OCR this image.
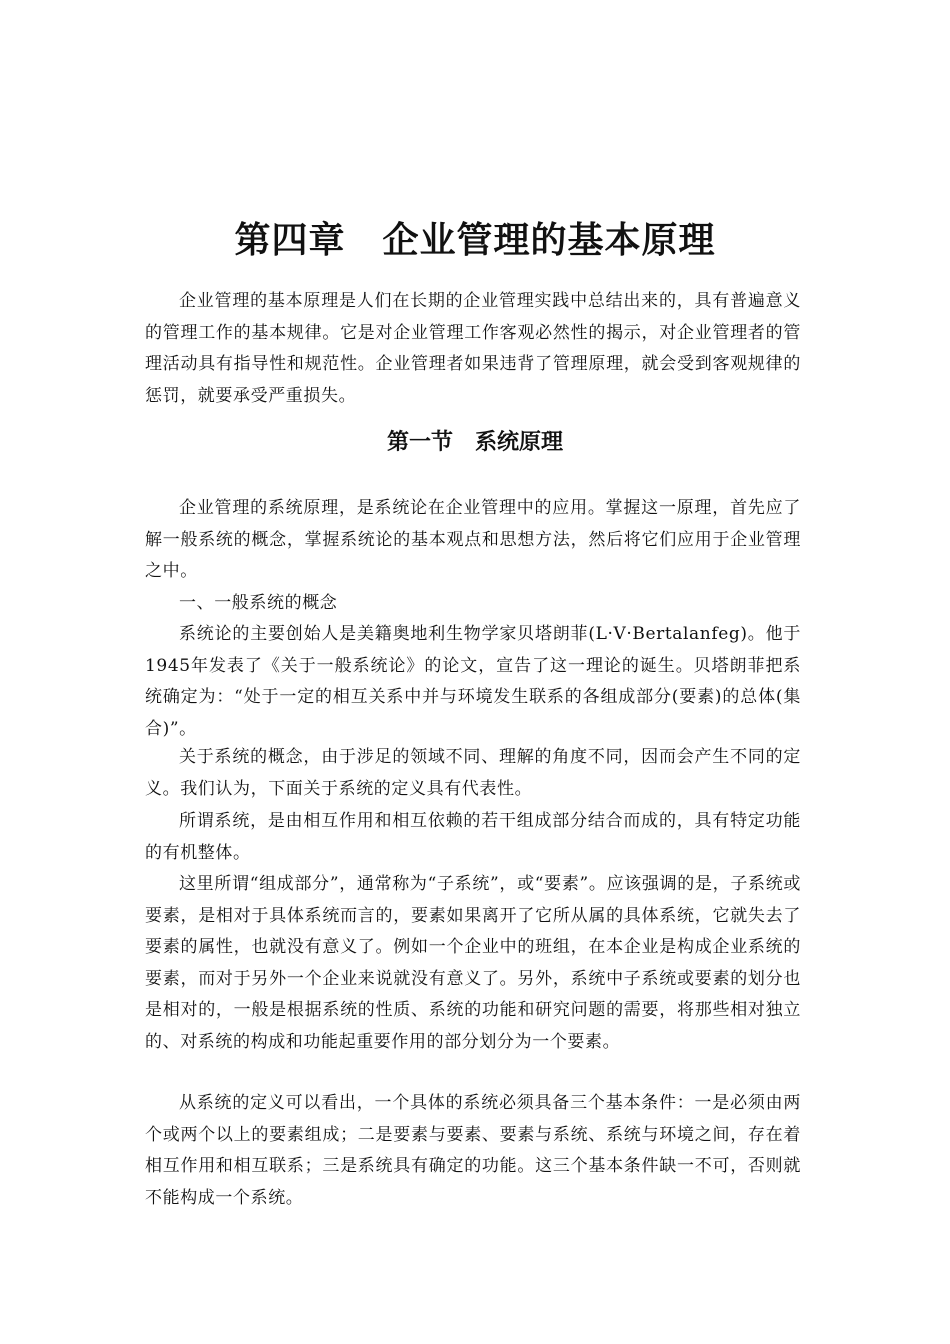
第四章　企业管理的基本原理

企业管理的基本原理是人们在长期的企业管理实践中总结出来的，具有普遍意义的管理工作的基本规律。它是对企业管理工作客观必然性的揭示，对企业管理者的管理活动具有指导性和规范性。企业管理者如果违背了管理原理，就会受到客观规律的惩罚，就要承受严重损失。

第一节　系统原理

企业管理的系统原理，是系统论在企业管理中的应用。掌握这一原理，首先应了解一般系统的概念，掌握系统论的基本观点和思想方法，然后将它们应用于企业管理之中。

一、一般系统的概念

系统论的主要创始人是美籍奥地利生物学家贝塔朗菲(L·V·Bertalanfeg)。他于1945年发表了《关于一般系统论》的论文，宣告了这一理论的诞生。贝塔朗菲把系统确定为：“处于一定的相互关系中并与环境发生联系的各组成部分(要素)的总体(集合)”。

关于系统的概念，由于涉足的领域不同、理解的角度不同，因而会产生不同的定义。我们认为，下面关于系统的定义具有代表性。

所谓系统，是由相互作用和相互依赖的若干组成部分结合而成的，具有特定功能的有机整体。

这里所谓“组成部分”，通常称为“子系统”，或“要素”。应该强调的是，子系统或要素，是相对于具体系统而言的，要素如果离开了它所从属的具体系统，它就失去了要素的属性，也就没有意义了。例如一个企业中的班组，在本企业是构成企业系统的要素，而对于另外一个企业来说就没有意义了。另外，系统中子系统或要素的划分也是相对的，一般是根据系统的性质、系统的功能和研究问题的需要，将那些相对独立的、对系统的构成和功能起重要作用的部分划分为一个要素。

从系统的定义可以看出，一个具体的系统必须具备三个基本条件：一是必须由两个或两个以上的要素组成；二是要素与要素、要素与系统、系统与环境之间，存在着相互作用和相互联系；三是系统具有确定的功能。这三个基本条件缺一不可，否则就不能构成一个系统。
